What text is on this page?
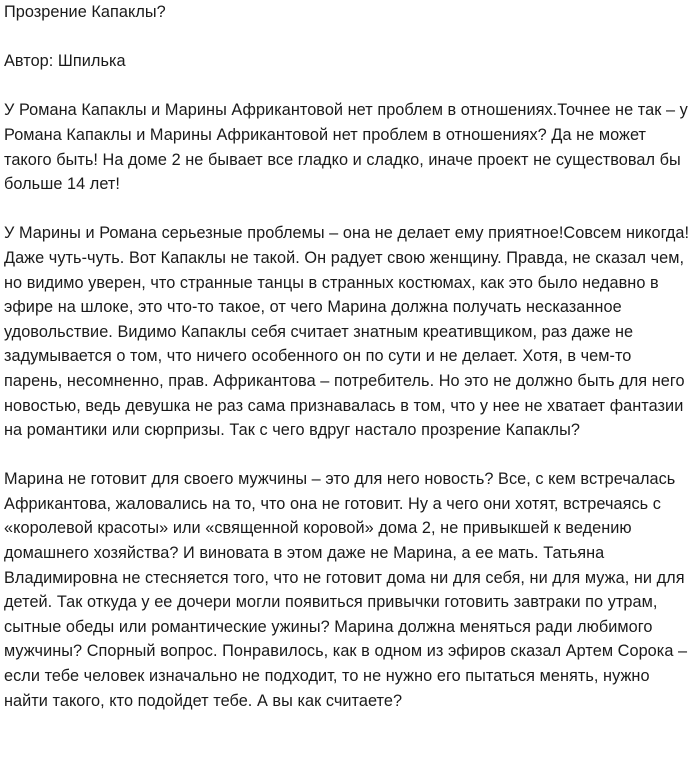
Прозрение Капаклы?

Автор: Шпилька

У Романа Капаклы и Марины Африкантовой нет проблем в отношениях.Точнее не так – у Романа Капаклы и Марины Африкантовой нет проблем в отношениях? Да не может такого быть! На доме 2 не бывает все гладко и сладко, иначе проект не существовал бы больше 14 лет!

У Марины и Романа серьезные проблемы – она не делает ему приятное!Совсем никогда! Даже чуть-чуть. Вот Капаклы не такой. Он радует свою женщину. Правда, не сказал чем, но видимо уверен, что странные танцы в странных костюмах, как это было недавно в эфире на шлоке, это что-то такое, от чего Марина должна получать несказанное удовольствие. Видимо Капаклы себя считает знатным креативщиком, раз даже не задумывается о том, что ничего особенного он по сути и не делает. Хотя, в чем-то парень, несомненно, прав. Африкантова – потребитель. Но это не должно быть для него новостью, ведь девушка не раз сама признавалась в том, что у нее не хватает фантазии на романтики или сюрпризы. Так с чего вдруг настало прозрение Капаклы?

Марина не готовит для своего мужчины – это для него новость? Все, с кем встречалась Африкантова, жаловались на то, что она не готовит. Ну а чего они хотят, встречаясь с «королевой красоты» или «священной коровой» дома 2, не привыкшей к ведению домашнего хозяйства? И виновата в этом даже не Марина, а ее мать. Татьяна Владимировна не стесняется того, что не готовит дома ни для себя, ни для мужа, ни для детей. Так откуда у ее дочери могли появиться привычки готовить завтраки по утрам, сытные обеды или романтические ужины? Марина должна меняться ради любимого мужчины? Спорный вопрос. Понравилось, как в одном из эфиров сказал Артем Сорока – если тебе человек изначально не подходит, то не нужно его пытаться менять, нужно найти такого, кто подойдет тебе. А вы как считаете?
